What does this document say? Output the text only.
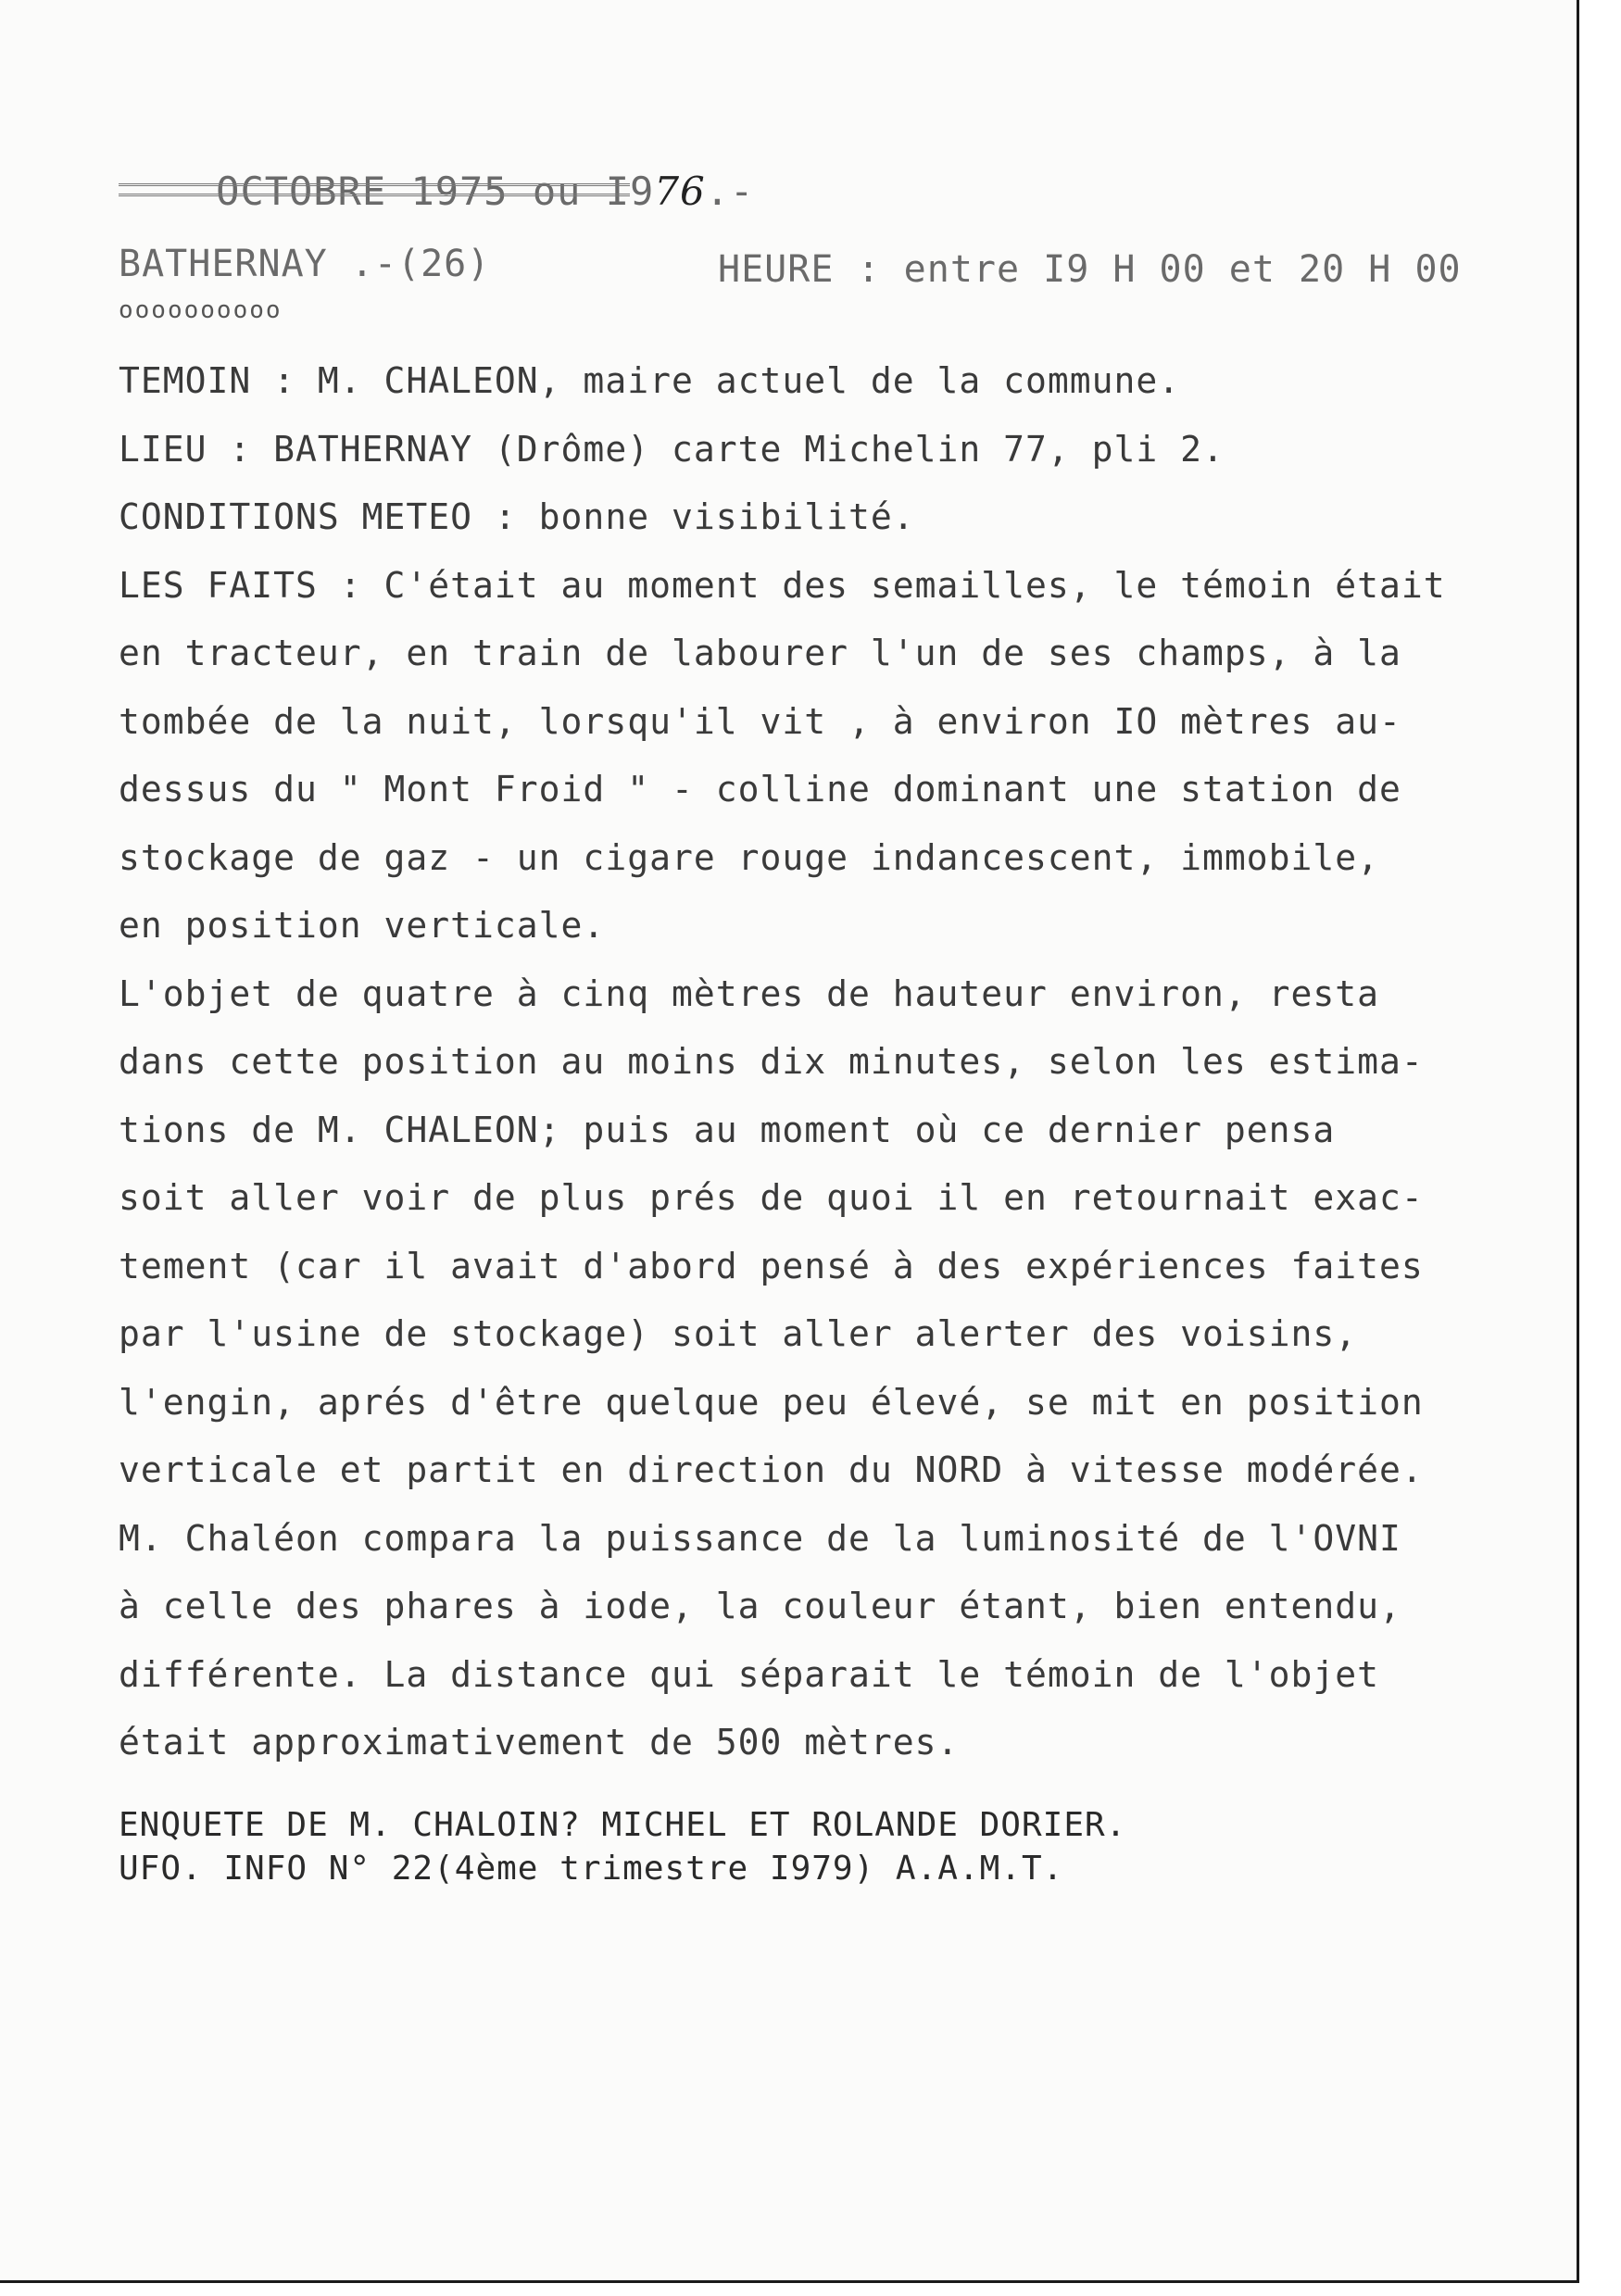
OCTOBRE 1975 ou I976.-

BATHERNAY .-(26)	HEURE : entre I9 H 00 et 20 H 00
oooooooooo
TEMOIN : M. CHALEON, maire actuel de la commune.
LIEU : BATHERNAY (Drôme) carte Michelin 77, pli 2.
CONDITIONS METEO : bonne visibilité.
LES FAITS : C'était au moment des semailles, le témoin était
en tracteur, en train de labourer l'un de ses champs, à la
tombée de la nuit, lorsqu'il vit , à environ IO mètres au-
dessus du " Mont Froid " - colline dominant une station de
stockage de gaz - un cigare rouge indancescent, immobile,
en position verticale.
L'objet de quatre à cinq mètres de hauteur environ, resta
dans cette position au moins dix minutes, selon les estima-
tions de M. CHALEON; puis au moment où ce dernier pensa
soit aller voir de plus prés de quoi il en retournait exac-
tement (car il avait d'abord pensé à des expériences faites
par l'usine de stockage) soit aller alerter des voisins,
l'engin, aprés d'être quelque peu élevé, se mit en position
verticale et partit en direction du NORD à vitesse modérée.
M. Chaléon compara la puissance de la luminosité de l'OVNI
à celle des phares à iode, la couleur étant, bien entendu,
différente. La distance qui séparait le témoin de l'objet
était approximativement de 500 mètres.
ENQUETE DE M. CHALOIN? MICHEL ET ROLANDE DORIER.
UFO. INFO N° 22(4ème trimestre I979) A.A.M.T.
